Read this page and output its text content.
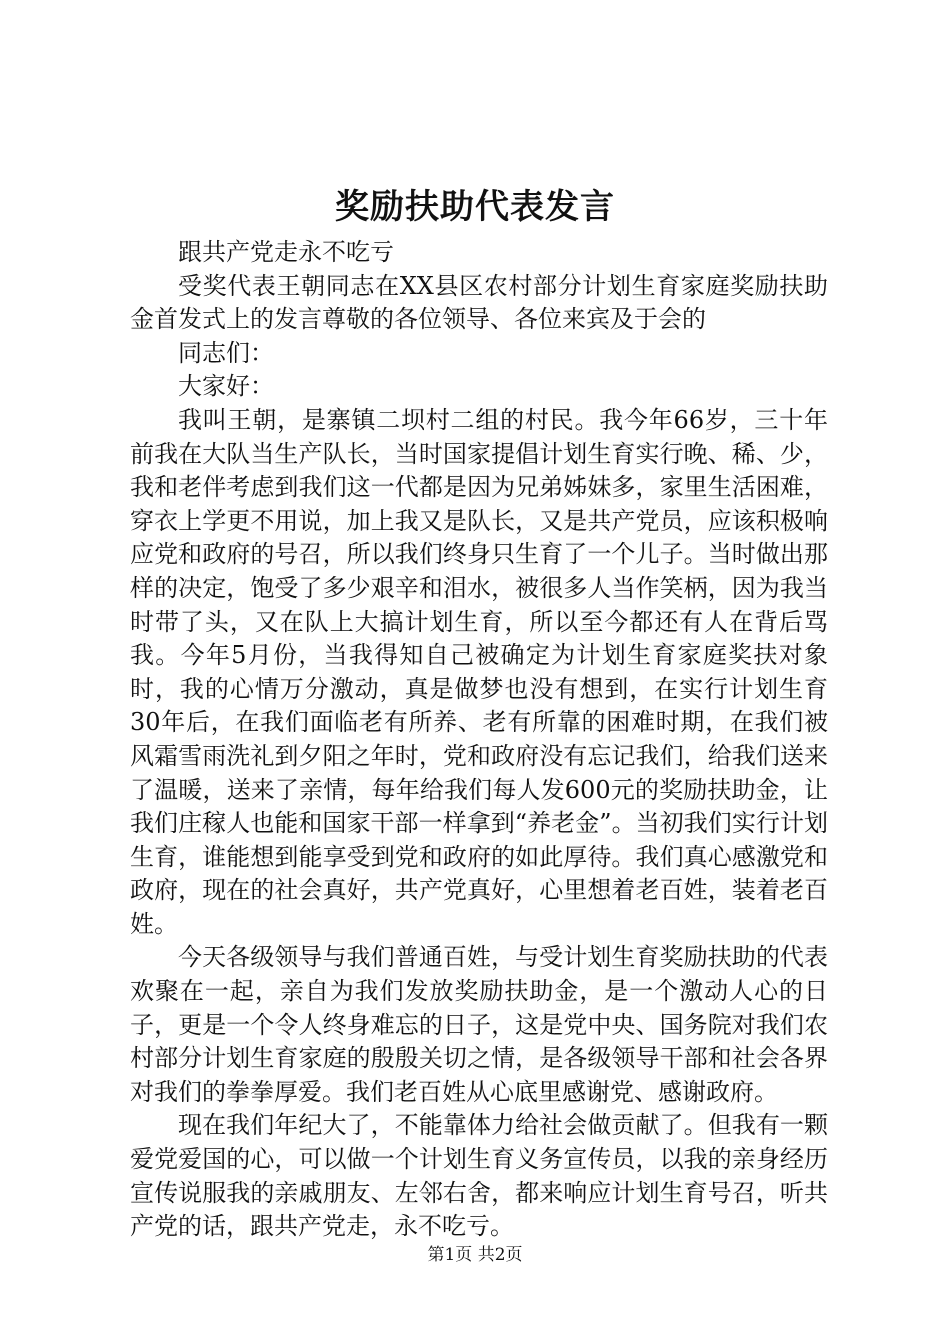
奖励扶助代表发言

跟共产党走永不吃亏

受奖代表王朝同志在XX县区农村部分计划生育家庭奖励扶助金首发式上的发言尊敬的各位领导、各位来宾及于会的

同志们：

大家好：

我叫王朝，是寨镇二坝村二组的村民。我今年66岁，三十年前我在大队当生产队长，当时国家提倡计划生育实行晚、稀、少，我和老伴考虑到我们这一代都是因为兄弟姊妹多，家里生活困难，穿衣上学更不用说，加上我又是队长，又是共产党员，应该积极响应党和政府的号召，所以我们终身只生育了一个儿子。当时做出那样的决定，饱受了多少艰辛和泪水，被很多人当作笑柄，因为我当时带了头，又在队上大搞计划生育，所以至今都还有人在背后骂我。今年5月份，当我得知自己被确定为计划生育家庭奖扶对象时，我的心情万分激动，真是做梦也没有想到，在实行计划生育30年后，在我们面临老有所养、老有所靠的困难时期，在我们被风霜雪雨洗礼到夕阳之年时，党和政府没有忘记我们，给我们送来了温暖，送来了亲情，每年给我们每人发600元的奖励扶助金，让我们庄稼人也能和国家干部一样拿到“养老金”。当初我们实行计划生育，谁能想到能享受到党和政府的如此厚待。我们真心感激党和政府，现在的社会真好，共产党真好，心里想着老百姓，装着老百姓。

今天各级领导与我们普通百姓，与受计划生育奖励扶助的代表欢聚在一起，亲自为我们发放奖励扶助金，是一个激动人心的日子，更是一个令人终身难忘的日子，这是党中央、国务院对我们农村部分计划生育家庭的殷殷关切之情，是各级领导干部和社会各界对我们的拳拳厚爱。我们老百姓从心底里感谢党、感谢政府。

现在我们年纪大了，不能靠体力给社会做贡献了。但我有一颗爱党爱国的心，可以做一个计划生育义务宣传员，以我的亲身经历宣传说服我的亲戚朋友、左邻右舍，都来响应计划生育号召，听共产党的话，跟共产党走，永不吃亏。

第1页 共2页
